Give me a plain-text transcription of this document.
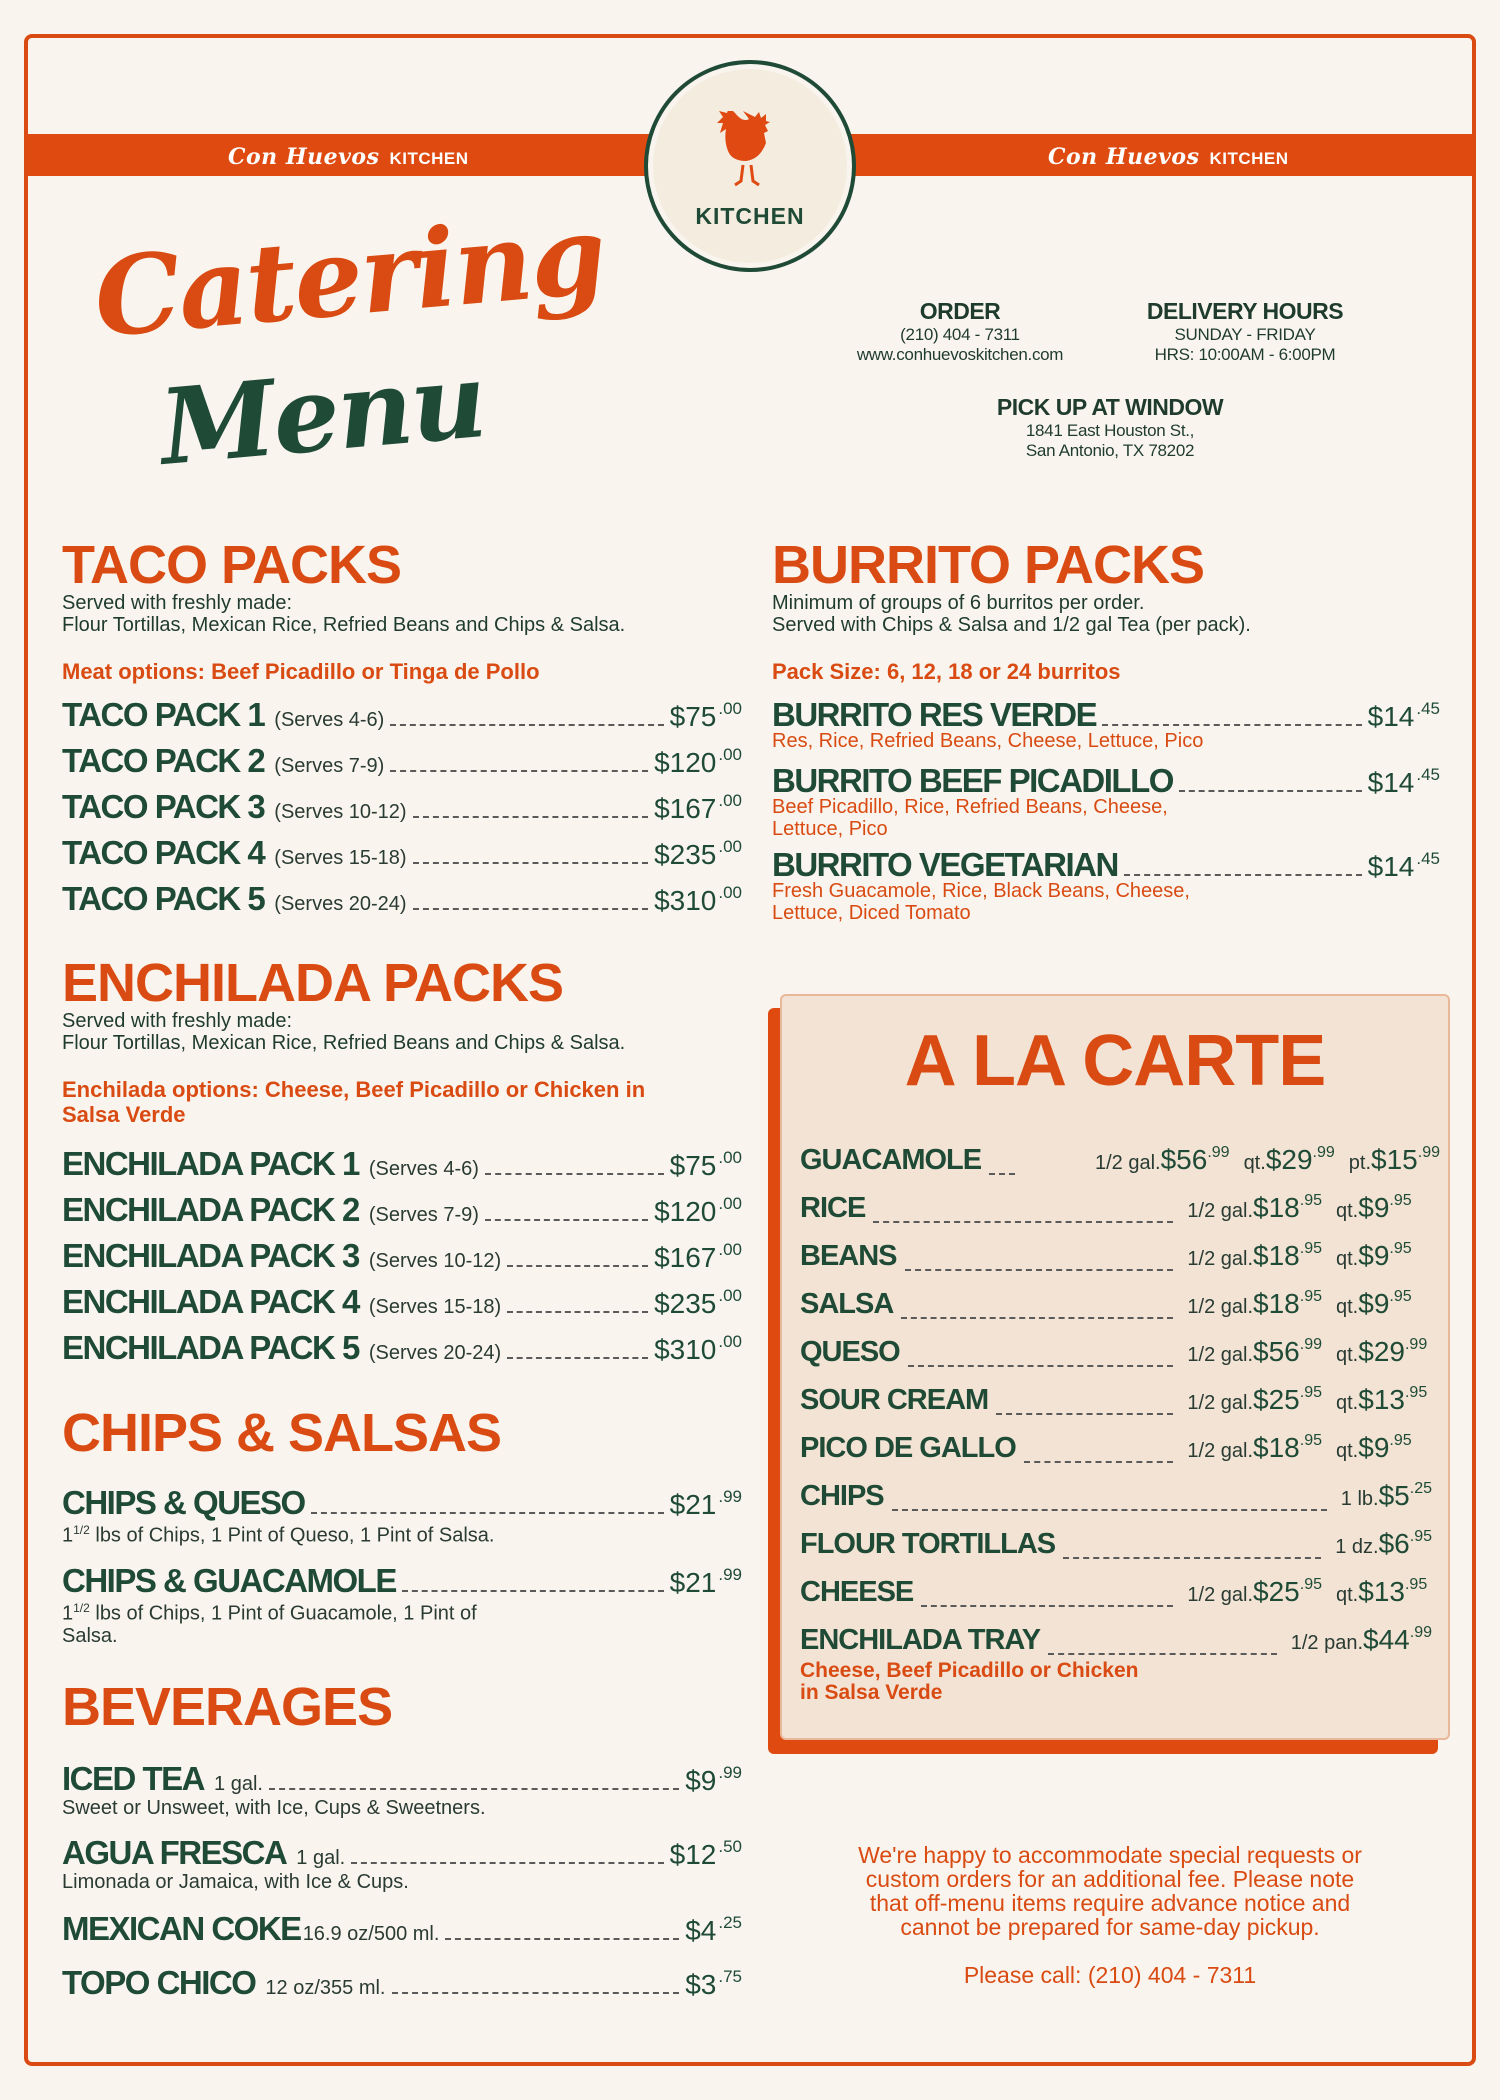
Con Huevos KITCHEN	Con Huevos KITCHEN
KITCHEN
Catering
Menu
ORDER
(210) 404 - 7311
www.conhuevoskitchen.com
DELIVERY HOURS
SUNDAY - FRIDAY
HRS: 10:00AM - 6:00PM
PICK UP AT WINDOW
1841 East Houston St.,
San Antonio, TX 78202
TACO PACKS
Served with freshly made:
Flour Tortillas, Mexican Rice, Refried Beans and Chips & Salsa.
Meat options: Beef Picadillo or Tinga de Pollo
TACO PACK 1 (Serves 4-6)	$75 $^{.00}$
TACO PACK 2 (Serves 7-9)	$120 $^{.00}$
TACO PACK 3 (Serves 10-12)	$167 $^{.00}$
TACO PACK 4 (Serves 15-18)	$235 $^{.00}$
TACO PACK 5 (Serves 20-24)	$310 $^{.00}$
ENCHILADA PACKS
Served with freshly made:
Flour Tortillas, Mexican Rice, Refried Beans and Chips & Salsa.
Enchilada options: Cheese, Beef Picadillo or Chicken in
Salsa Verde
ENCHILADA PACK 1 (Serves 4-6)	$75 $^{.00}$
ENCHILADA PACK 2 (Serves 7-9)	$120 $^{.00}$
ENCHILADA PACK 3 (Serves 10-12)	$167 $^{.00}$
ENCHILADA PACK 4 (Serves 15-18)	$235 $^{.00}$
ENCHILADA PACK 5 (Serves 20-24)	$310 $^{.00}$
CHIPS & SALSAS
CHIPS & QUESO	$21 $^{.99}$
$1^{1/2}$ lbs of Chips, 1 Pint of Queso, 1 Pint of Salsa.
CHIPS & GUACAMOLE	$21 $^{.99}$
$1^{1/2}$ lbs of Chips, 1 Pint of Guacamole, 1 Pint of
Salsa.
BEVERAGES
ICED TEA 1 gal.	$9 $^{.99}$
Sweet or Unsweet, with Ice, Cups & Sweetners.
AGUA FRESCA 1 gal.	$12 $^{.50}$
Limonada or Jamaica, with Ice & Cups.
MEXICAN COKE 16.9 oz/500 ml.	$4 $^{.25}$
TOPO CHICO 12 oz/355 ml.	$3 $^{.75}$
BURRITO PACKS
Minimum of groups of 6 burritos per order.
Served with Chips & Salsa and 1/2 gal Tea (per pack).
Pack Size: 6, 12, 18 or 24 burritos
BURRITO RES VERDE	$14 $^{.45}$
Res, Rice, Refried Beans, Cheese, Lettuce, Pico
BURRITO BEEF PICADILLO	$14 $^{.45}$
Beef Picadillo, Rice, Refried Beans, Cheese,
Lettuce, Pico
BURRITO VEGETARIAN	$14 $^{.45}$
Fresh Guacamole, Rice, Black Beans, Cheese,
Lettuce, Diced Tomato
A LA CARTE
GUACAMOLE	1/2 gal. $\$56^{.99}$ qt. $\$29^{.99}$ pt. $\$15^{.99}$
RICE	1/2 gal. $\$18^{.95}$ qt. $\$9^{.95}$
BEANS	1/2 gal. $\$18^{.95}$ qt. $\$9^{.95}$
SALSA	1/2 gal. $\$18^{.95}$ qt. $\$9^{.95}$
QUESO	1/2 gal. $\$56^{.99}$ qt. $\$29^{.99}$
SOUR CREAM	1/2 gal. $\$25^{.95}$ qt. $\$13^{.95}$
PICO DE GALLO	1/2 gal. $\$18^{.95}$ qt. $\$9^{.95}$
CHIPS	1 lb. $\$5^{.25}$
FLOUR TORTILLAS	1 dz. $\$6^{.95}$
CHEESE	1/2 gal. $\$25^{.95}$ qt. $\$13^{.95}$
ENCHILADA TRAY	1/2 pan. $\$44^{.99}$
Cheese, Beef Picadillo or Chicken
in Salsa Verde
We're happy to accommodate special requests or
custom orders for an additional fee. Please note
that off-menu items require advance notice and
cannot be prepared for same-day pickup.
Please call: (210) 404 - 7311
